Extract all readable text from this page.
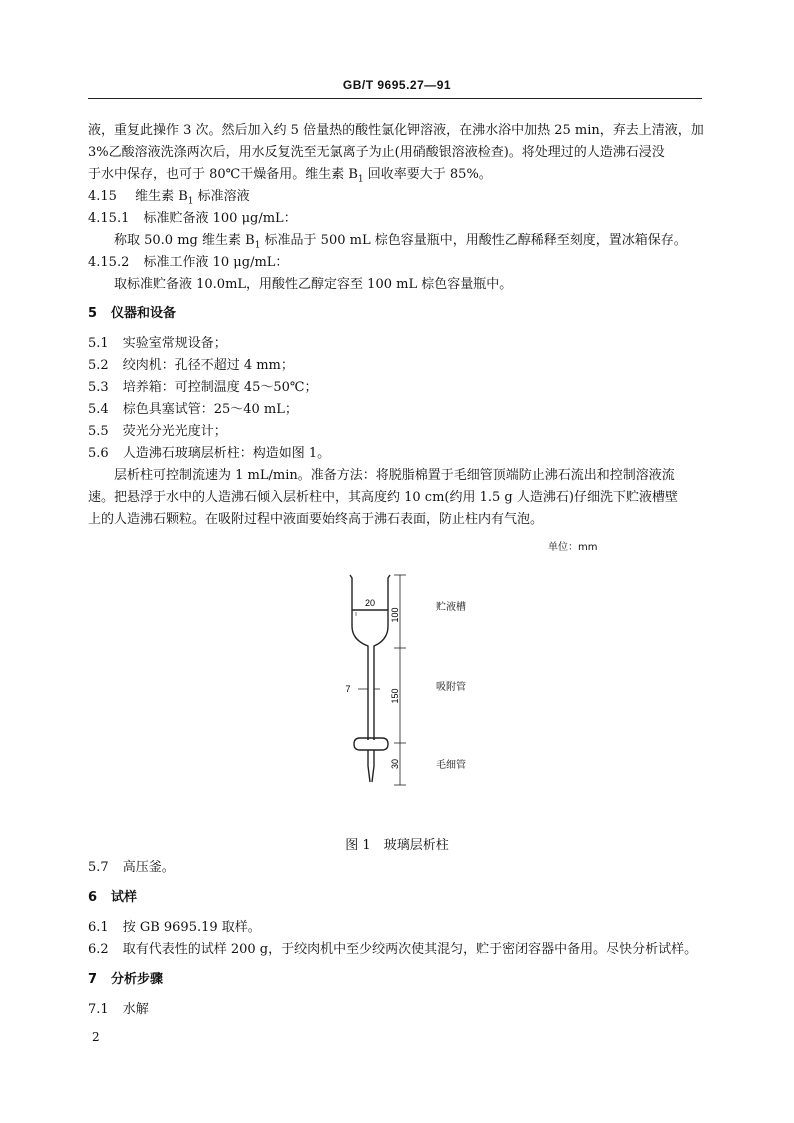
GB/T 9695.27—91
液，重复此操作 3 次。然后加入约 5 倍量热的酸性氯化钾溶液，在沸水浴中加热 25 min，弃去上清液，加
3%乙酸溶液洗涤两次后，用水反复洗至无氯离子为止(用硝酸银溶液检查)。将处理过的人造沸石浸没
于水中保存，也可于 80℃干燥备用。维生素 $B_1$ 回收率要大于 85%。
4.15 维生素 $B_1$ 标准溶液
4.15.1 标准贮备液 100 μg/mL：
称取 50.0 mg 维生素 $B_1$ 标准品于 500 mL 棕色容量瓶中，用酸性乙醇稀释至刻度，置冰箱保存。
4.15.2 标准工作液 10 μg/mL：
取标准贮备液 10.0mL，用酸性乙醇定容至 100 mL 棕色容量瓶中。
5 仪器和设备
5.1 实验室常规设备；
5.2 绞肉机：孔径不超过 4 mm；
5.3 培养箱：可控制温度 45～50℃；
5.4 棕色具塞试管：25～40 mL；
5.5 荧光分光光度计；
5.6 人造沸石玻璃层析柱：构造如图 1。
层析柱可控制流速为 1 mL/min。准备方法：将脱脂棉置于毛细管顶端防止沸石流出和控制溶液流
速。把悬浮于水中的人造沸石倾入层析柱中，其高度约 10 cm(约用 1.5 g 人造沸石)仔细洗下贮液槽壁
上的人造沸石颗粒。在吸附过程中液面要始终高于沸石表面，防止柱内有气泡。
单位：mm
20
100
150
30
7
贮液槽
吸附管
毛细管
图 1　玻璃层析柱
5.7 高压釜。
6 试样
6.1 按 GB 9695.19 取样。
6.2 取有代表性的试样 200 g，于绞肉机中至少绞两次使其混匀，贮于密闭容器中备用。尽快分析试样。
7 分析步骤
7.1 水解
2
